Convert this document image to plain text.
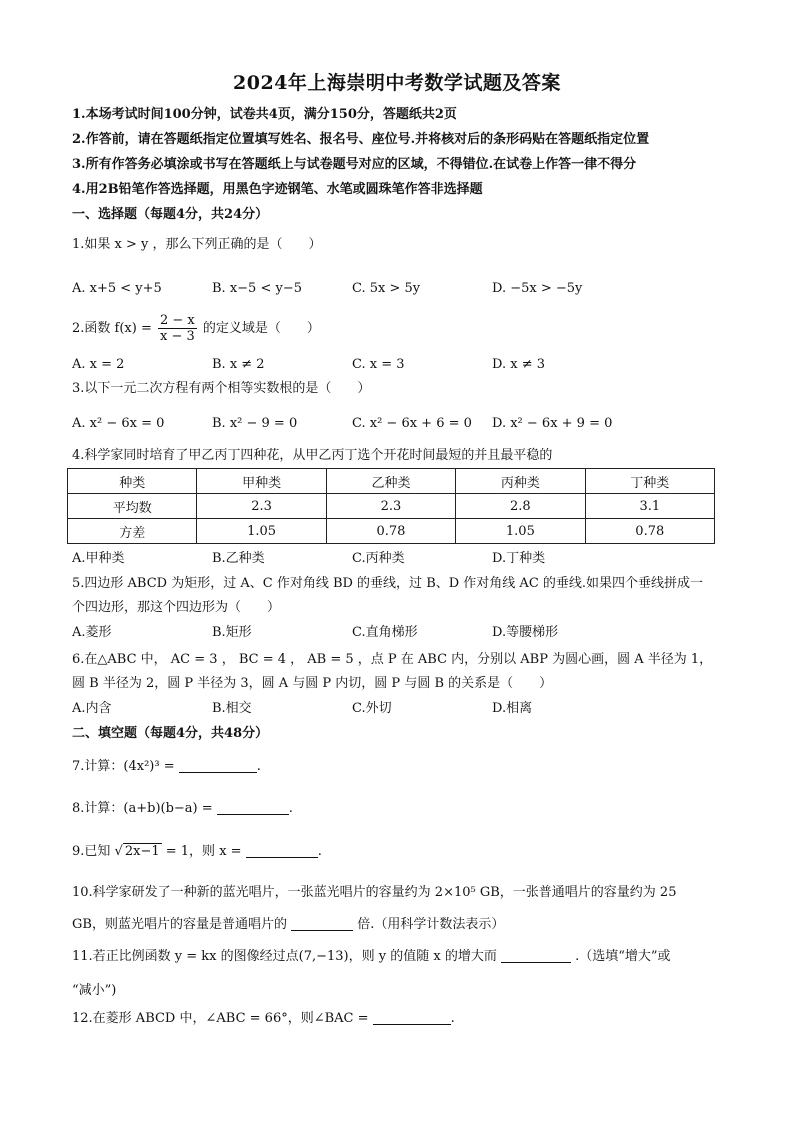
2024年上海崇明中考数学试题及答案
1.本场考试时间100分钟，试卷共4页，满分150分，答题纸共2页
2.作答前，请在答题纸指定位置填写姓名、报名号、座位号.并将核对后的条形码贴在答题纸指定位置
3.所有作答务必填涂或书写在答题纸上与试卷题号对应的区域，不得错位.在试卷上作答一律不得分
4.用2B铅笔作答选择题，用黑色字迹钢笔、水笔或圆珠笔作答非选择题
一、选择题（每题4分，共24分）
1.如果 x > y ，那么下列正确的是（　　）
A. x+5 < y+5	B. x−5 < y−5	C. 5x > 5y	D. −5x > −5y
2.函数 $f(x) = \frac{2 - x}{x - 3}$ 的定义域是（　　）
A. x = 2	B. x ≠ 2	C. x = 3	D. x ≠ 3
3.以下一元二次方程有两个相等实数根的是（　　）
A. x² − 6x = 0	B. x² − 9 = 0	C. x² − 6x + 6 = 0 D. x² − 6x + 9 = 0
4.科学家同时培育了甲乙丙丁四种花，从甲乙丙丁选个开花时间最短的并且最平稳的
种类	甲种类	乙种类	丙种类	丁种类
平均数	2.3	2.3	2.8	3.1
方差	1.05	0.78	1.05	0.78
A.甲种类	B.乙种类	C.丙种类	D.丁种类
5.四边形 ABCD 为矩形，过 A、C 作对角线 BD 的垂线，过 B、D 作对角线 AC 的垂线.如果四个垂线拼成一
个四边形，那这个四边形为（　　）
A.菱形	B.矩形	C.直角梯形	D.等腰梯形
6.在△ABC 中， AC = 3 ， BC = 4 ， AB = 5 ，点 P 在 ABC 内，分别以 ABP 为圆心画，圆 A 半径为 1，
圆 B 半径为 2，圆 P 半径为 3，圆 A 与圆 P 内切，圆 P 与圆 B 的关系是（　　）
A.内含	B.相交	C.外切	D.相离
二、填空题（每题4分，共48分）
7.计算：(4x²)³ =	.
8.计算：(a+b)(b−a) =	.
9.已知 √ 2x−1 = 1，则 x =	.
10.科学家研发了一种新的蓝光唱片，一张蓝光唱片的容量约为 2×10⁵ GB，一张普通唱片的容量约为 25
GB，则蓝光唱片的容量是普通唱片的	倍.（用科学计数法表示）
11.若正比例函数 y = kx 的图像经过点(7,−13)，则 y 的值随 x 的增大而	.（选填“增大”或
“减小”)
12.在菱形 ABCD 中，∠ABC = 66°，则∠BAC =	.
